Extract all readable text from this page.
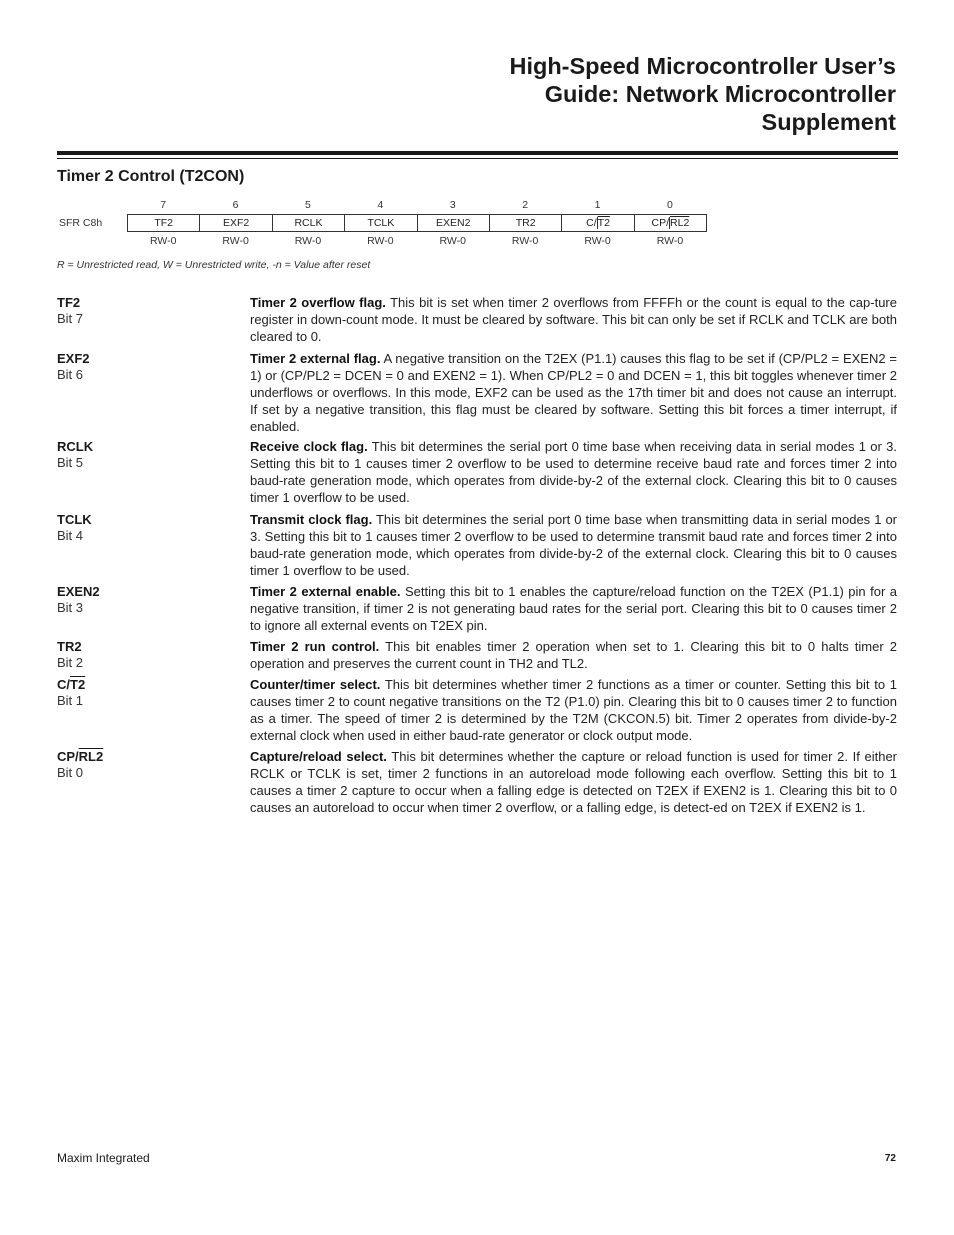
High-Speed Microcontroller User’s
Guide: Network Microcontroller
Supplement
Timer 2 Control (T2CON)
7	6	5	4	3	2	1	0
SFR C8h	TF2	EXF2	RCLK	TCLK	EXEN2	TR2	C/T2	CP/RL2
RW-0	RW-0	RW-0	RW-0	RW-0	RW-0	RW-0	RW-0
R = Unrestricted read, W = Unrestricted write, -n = Value after reset
TF2
Bit 7

Timer 2 overflow flag. This bit is set when timer 2 overflows from FFFFh or the count is equal to the cap-ture register in down-count mode. It must be cleared by software. This bit can only be set if RCLK and TCLK are both cleared to 0.

EXF2
Bit 6

Timer 2 external flag. A negative transition on the T2EX (P1.1) causes this flag to be set if (CP/PL2 = EXEN2 = 1) or (CP/PL2 = DCEN = 0 and EXEN2 = 1). When CP/PL2 = 0 and DCEN = 1, this bit toggles whenever timer 2 underflows or overflows. In this mode, EXF2 can be used as the 17th timer bit and does not cause an interrupt. If set by a negative transition, this flag must be cleared by software. Setting this bit forces a timer interrupt, if enabled.

RCLK
Bit 5

Receive clock flag. This bit determines the serial port 0 time base when receiving data in serial modes 1 or 3. Setting this bit to 1 causes timer 2 overflow to be used to determine receive baud rate and forces timer 2 into baud-rate generation mode, which operates from divide-by-2 of the external clock. Clearing this bit to 0 causes timer 1 overflow to be used.

TCLK
Bit 4

Transmit clock flag. This bit determines the serial port 0 time base when transmitting data in serial modes 1 or 3. Setting this bit to 1 causes timer 2 overflow to be used to determine transmit baud rate and forces timer 2 into baud-rate generation mode, which operates from divide-by-2 of the external clock. Clearing this bit to 0 causes timer 1 overflow to be used.

EXEN2
Bit 3

Timer 2 external enable. Setting this bit to 1 enables the capture/reload function on the T2EX (P1.1) pin for a negative transition, if timer 2 is not generating baud rates for the serial port. Clearing this bit to 0 causes timer 2 to ignore all external events on T2EX pin.

TR2
Bit 2

Timer 2 run control. This bit enables timer 2 operation when set to 1. Clearing this bit to 0 halts timer 2 operation and preserves the current count in TH2 and TL2.

C/T2
Bit 1

Counter/timer select. This bit determines whether timer 2 functions as a timer or counter. Setting this bit to 1 causes timer 2 to count negative transitions on the T2 (P1.0) pin. Clearing this bit to 0 causes timer 2 to function as a timer. The speed of timer 2 is determined by the T2M (CKCON.5) bit. Timer 2 operates from divide-by-2 external clock when used in either baud-rate generator or clock output mode.

CP/RL2
Bit 0

Capture/reload select. This bit determines whether the capture or reload function is used for timer 2. If either RCLK or TCLK is set, timer 2 functions in an autoreload mode following each overflow. Setting this bit to 1 causes a timer 2 capture to occur when a falling edge is detected on T2EX if EXEN2 is 1. Clearing this bit to 0 causes an autoreload to occur when timer 2 overflow, or a falling edge, is detect-ed on T2EX if EXEN2 is 1.

Maxim Integrated	72
